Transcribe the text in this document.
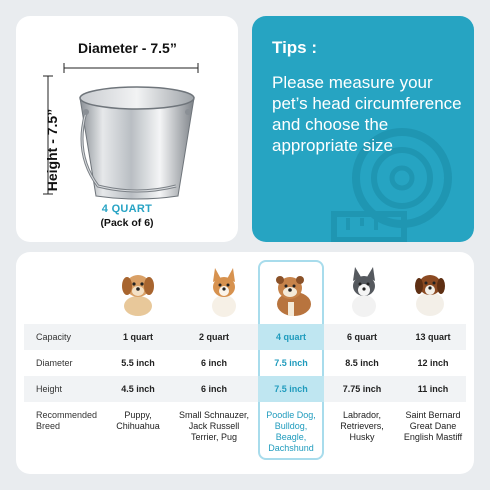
Diameter - 7.5”
Height - 7.5”
4 QUART
(Pack of 6)
Tips :
Please measure your pet’s head circumference and choose the appropriate size
Capacity
Diameter
Height
Recommended Breed
1 quart
5.5 inch
4.5 inch
Puppy, Chihuahua
2 quart
6 inch
6 inch
Small Schnauzer, Jack Russell Terrier, Pug
4 quart
7.5 inch
7.5 inch
Poodle Dog, Bulldog, Beagle, Dachshund
6 quart
8.5 inch
7.75 inch
Labrador, Retrievers, Husky
13 quart
12 inch
11 inch
Saint Bernard Great Dane English Mastiff
